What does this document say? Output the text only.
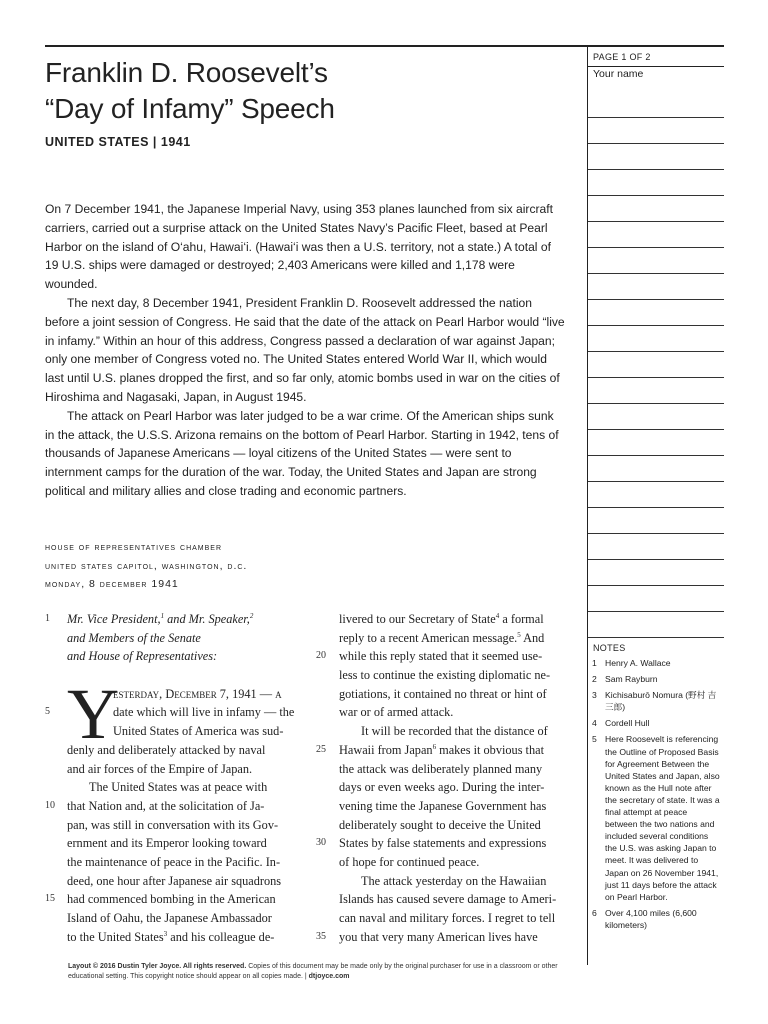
PAGE 1 OF 2
Your name
NOTES
1 Henry A. Wallace
2 Sam Rayburn
3 Kichisaburō Nomura (野村 吉三郎)
4 Cordell Hull
5 Here Roosevelt is referencing the Outline of Proposed Basis for Agreement Between the United States and Japan, also known as the Hull note after the secretary of state. It was a final attempt at peace between the two nations and included several conditions the U.S. was asking Japan to meet. It was delivered to Japan on 26 November 1941, just 11 days before the attack on Pearl Harbor.
6 Over 4,100 miles (6,600 kilometers)
Franklin D. Roosevelt’s
“Day of Infamy” Speech
UNITED STATES | 1941

On 7 December 1941, the Japanese Imperial Navy, using 353 planes launched from six aircraft carriers, carried out a surprise attack on the United States Navy’s Pacific Fleet, based at Pearl Harbor on the island of O‘ahu, Hawai‘i. (Hawai‘i was then a U.S. territory, not a state.) A total of 19 U.S. ships were damaged or destroyed; 2,403 Americans were killed and 1,178 were wounded.

The next day, 8 December 1941, President Franklin D. Roosevelt addressed the nation before a joint session of Congress. He said that the date of the attack on Pearl Harbor would “live in infamy.” Within an hour of this address, Congress passed a declaration of war against Japan; only one member of Congress voted no. The United States entered World War II, which would last until U.S. planes dropped the first, and so far only, atomic bombs used in war on the cities of Hiroshima and Nagasaki, Japan, in August 1945.

The attack on Pearl Harbor was later judged to be a war crime. Of the American ships sunk in the attack, the U.S.S. Arizona remains on the bottom of Pearl Harbor. Starting in 1942, tens of thousands of Japanese Americans — loyal citizens of the United States — were sent to internment camps for the duration of the war. Today, the United States and Japan are strong political and military allies and close trading and economic partners.

house of representatives chamber
united states capitol, washington, d.c.
monday, 8 december 1941
1
5
10
15
20
25
30
35
Mr. Vice President,$^1$ and Mr. Speaker,$^2$
and Members of the Senate
and House of Representatives:
esterday, December 7, 1941 — a
date which will live in infamy — the
United States of America was sud-
denly and deliberately attacked by naval
and air forces of the Empire of Japan.
The United States was at peace with
that Nation and, at the solicitation of Ja-
pan, was still in conversation with its Gov-
ernment and its Emperor looking toward
the maintenance of peace in the Pacific. In-
deed, one hour after Japanese air squadrons
had commenced bombing in the American
Island of Oahu, the Japanese Ambassador
to the United States$^3$ and his colleague de-
Y
livered to our Secretary of State$^4$ a formal
reply to a recent American message.$^5$ And
while this reply stated that it seemed use-
less to continue the existing diplomatic ne-
gotiations, it contained no threat or hint of
war or of armed attack.
It will be recorded that the distance of
Hawaii from Japan$^6$ makes it obvious that
the attack was deliberately planned many
days or even weeks ago. During the inter-
vening time the Japanese Government has
deliberately sought to deceive the United
States by false statements and expressions
of hope for continued peace.
The attack yesterday on the Hawaiian
Islands has caused severe damage to Ameri-
can naval and military forces. I regret to tell
you that very many American lives have
Layout © 2016 Dustin Tyler Joyce. All rights reserved. Copies of this document may be made only by the original purchaser for use in a classroom or other educational setting. This copyright notice should appear on all copies made. | dtjoyce.com
